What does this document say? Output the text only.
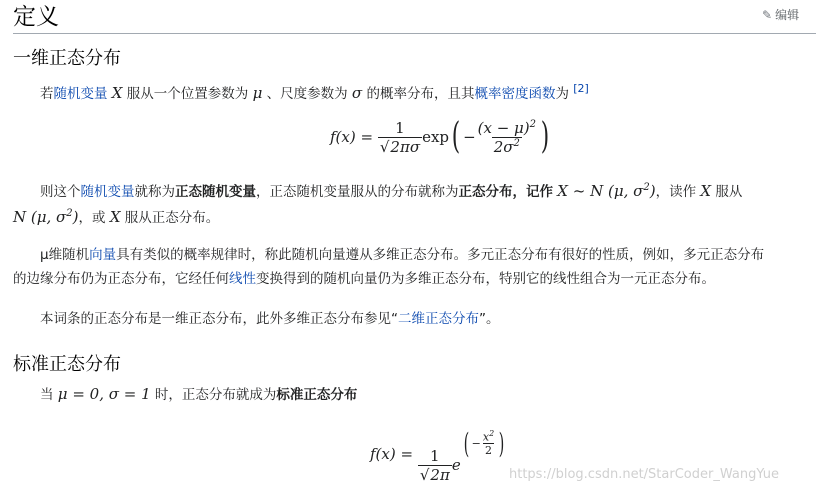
定义	✎ 编辑
一维正态分布
若随机变量 X 服从一个位置参数为 μ 、尺度参数为 σ 的概率分布，且其概率密度函数为 [2]
f(x) =
$\frac{1}{√2\pi\sigma}$ exp ( − $\frac{(x - \mu)^2}{2\sigma^2}$ )
则这个随机变量就称为正态随机变量，正态随机变量服从的分布就称为正态分布，记作 X ~ N (μ, $\sigma^2$)，读作 X 服从
N (μ, $\sigma^2$)，或 X 服从正态分布。
μ维随机向量具有类似的概率规律时，称此随机向量遵从多维正态分布。多元正态分布有很好的性质，例如，多元正态分布
的边缘分布仍为正态分布，它经任何线性变换得到的随机向量仍为多维正态分布，特别它的线性组合为一元正态分布。
本词条的正态分布是一维正态分布，此外多维正态分布参见“二维正态分布”。
标准正态分布
当 μ = 0, σ = 1 时，正态分布就成为标准正态分布
f(x) =
$\frac{1}{√2\pi}$ e
( − $\frac{x^2}{2}$ )
https://blog.csdn.net/StarCoder_WangYue
